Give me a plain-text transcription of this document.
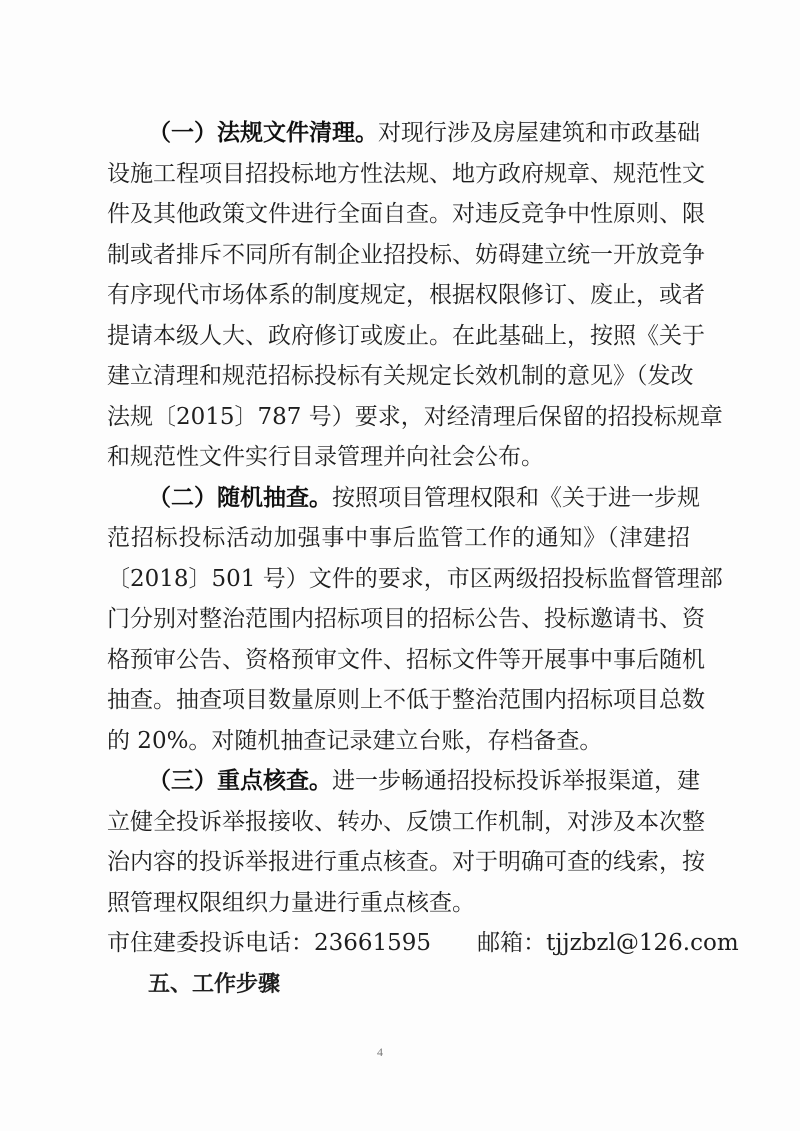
（一）法规文件清理。对现行涉及房屋建筑和市政基础
设施工程项目招投标地方性法规、地方政府规章、规范性文
件及其他政策文件进行全面自查。对违反竞争中性原则、限
制或者排斥不同所有制企业招投标、妨碍建立统一开放竞争
有序现代市场体系的制度规定，根据权限修订、废止，或者
提请本级人大、政府修订或废止。在此基础上，按照《关于
建立清理和规范招标投标有关规定长效机制的意见》（发改
法规〔2015〕787 号）要求，对经清理后保留的招投标规章
和规范性文件实行目录管理并向社会公布。
（二）随机抽查。按照项目管理权限和《关于进一步规
范招标投标活动加强事中事后监管工作的通知》（津建招
〔2018〕501 号）文件的要求，市区两级招投标监督管理部
门分别对整治范围内招标项目的招标公告、投标邀请书、资
格预审公告、资格预审文件、招标文件等开展事中事后随机
抽查。抽查项目数量原则上不低于整治范围内招标项目总数
的 20%。对随机抽查记录建立台账，存档备查。
（三）重点核查。进一步畅通招投标投诉举报渠道，建
立健全投诉举报接收、转办、反馈工作机制，对涉及本次整
治内容的投诉举报进行重点核查。对于明确可查的线索，按
照管理权限组织力量进行重点核查。
市住建委投诉电话：23661595　　邮箱：tjjzbzl@126.com
五、工作步骤
4
